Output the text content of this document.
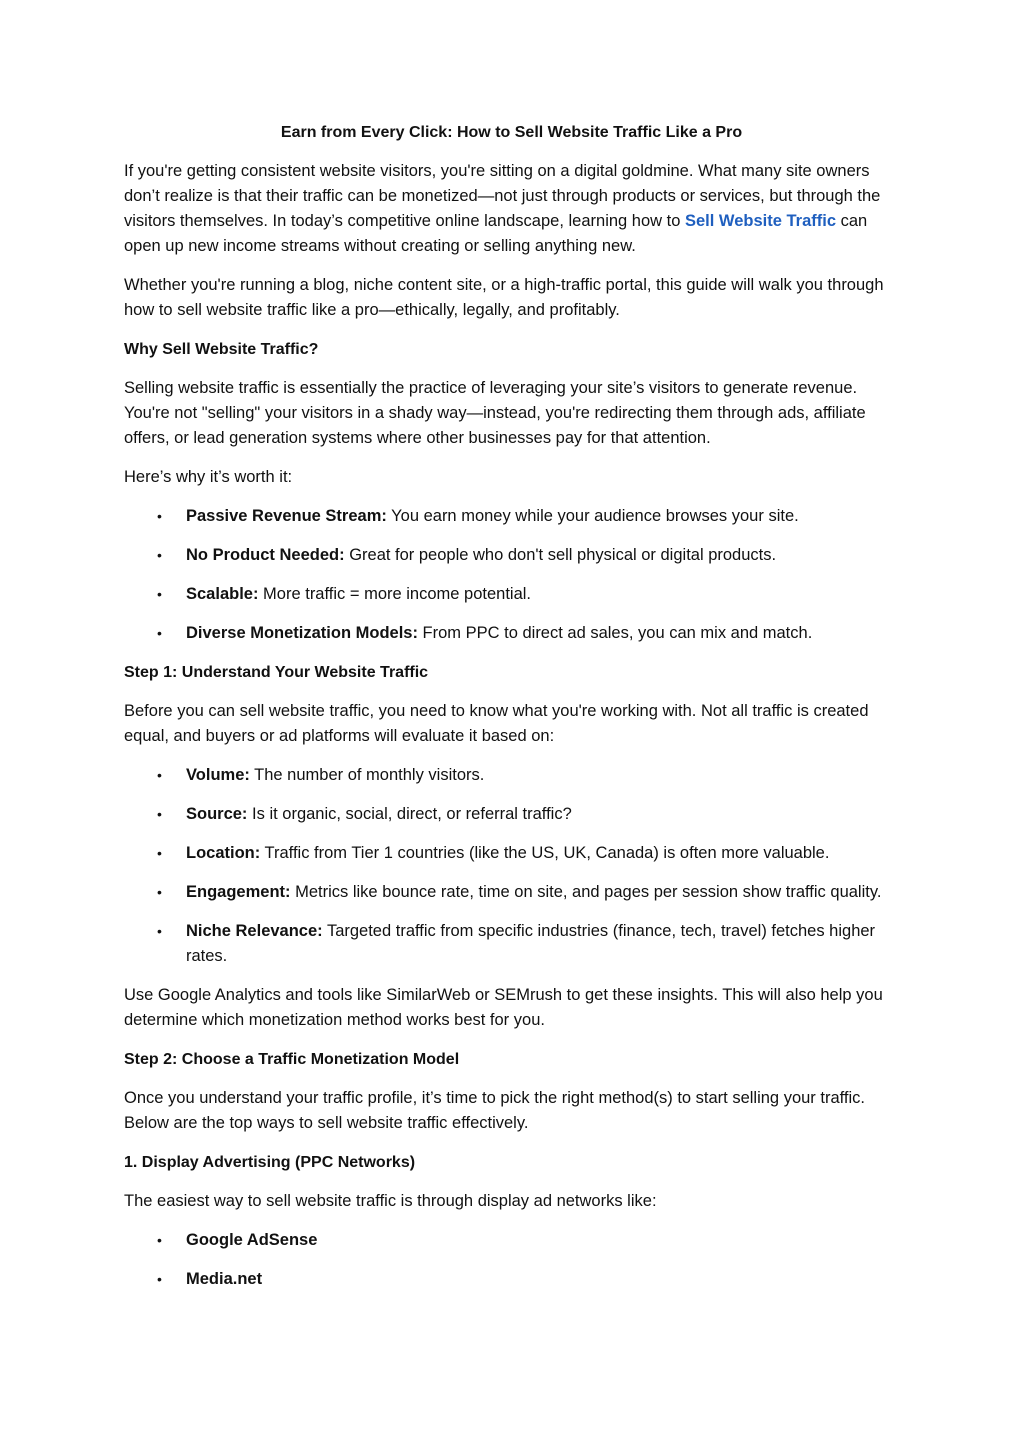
Earn from Every Click: How to Sell Website Traffic Like a Pro

If you're getting consistent website visitors, you're sitting on a digital goldmine. What many site owners don’t realize is that their traffic can be monetized—not just through products or services, but through the visitors themselves. In today’s competitive online landscape, learning how to Sell Website Traffic can open up new income streams without creating or selling anything new.

Whether you're running a blog, niche content site, or a high-traffic portal, this guide will walk you through how to sell website traffic like a pro—ethically, legally, and profitably.

Why Sell Website Traffic?

Selling website traffic is essentially the practice of leveraging your site’s visitors to generate revenue. You're not "selling" your visitors in a shady way—instead, you're redirecting them through ads, affiliate offers, or lead generation systems where other businesses pay for that attention.

Here’s why it’s worth it:

• Passive Revenue Stream: You earn money while your audience browses your site.
• No Product Needed: Great for people who don't sell physical or digital products.
• Scalable: More traffic = more income potential.
• Diverse Monetization Models: From PPC to direct ad sales, you can mix and match.

Step 1: Understand Your Website Traffic

Before you can sell website traffic, you need to know what you're working with. Not all traffic is created equal, and buyers or ad platforms will evaluate it based on:

• Volume: The number of monthly visitors.
• Source: Is it organic, social, direct, or referral traffic?
• Location: Traffic from Tier 1 countries (like the US, UK, Canada) is often more valuable.
• Engagement: Metrics like bounce rate, time on site, and pages per session show traffic quality.
• Niche Relevance: Targeted traffic from specific industries (finance, tech, travel) fetches higher rates.

Use Google Analytics and tools like SimilarWeb or SEMrush to get these insights. This will also help you determine which monetization method works best for you.

Step 2: Choose a Traffic Monetization Model

Once you understand your traffic profile, it’s time to pick the right method(s) to start selling your traffic. Below are the top ways to sell website traffic effectively.

1. Display Advertising (PPC Networks)

The easiest way to sell website traffic is through display ad networks like:

• Google AdSense
• Media.net
